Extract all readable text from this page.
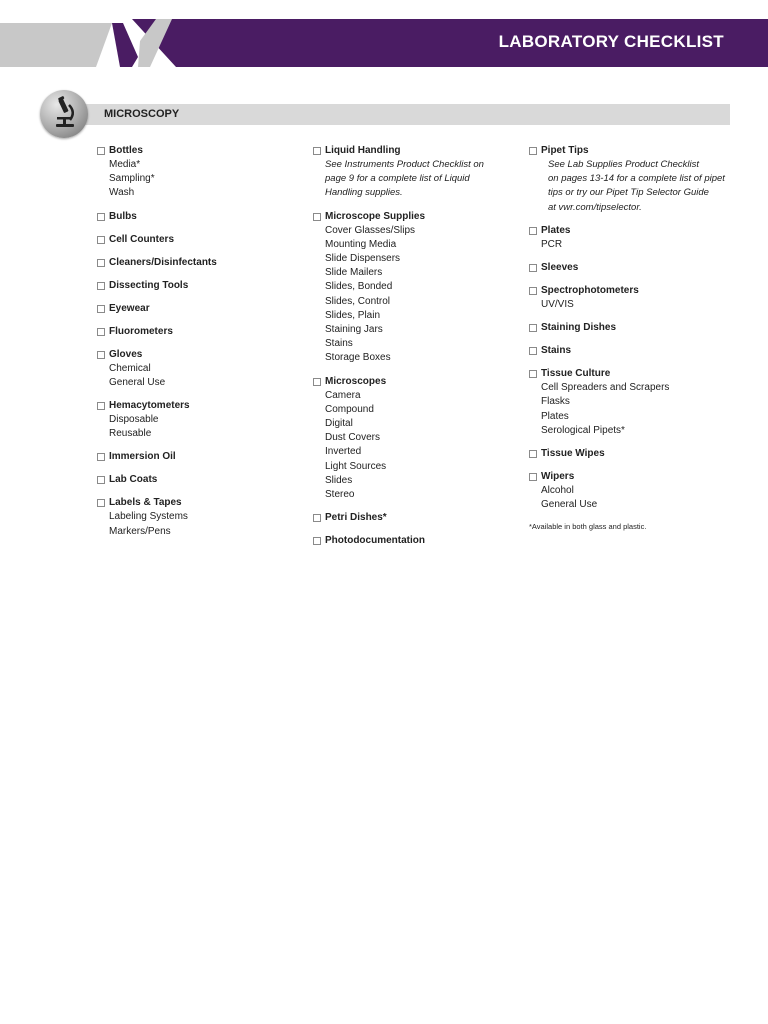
LABORATORY CHECKLIST
MICROSCOPY
Bottles
Media*
Sampling*
Wash
Bulbs
Cell Counters
Cleaners/Disinfectants
Dissecting Tools
Eyewear
Fluorometers
Gloves
Chemical
General Use
Hemacytometers
Disposable
Reusable
Immersion Oil
Lab Coats
Labels & Tapes
Labeling Systems
Markers/Pens
Liquid Handling
See Instruments Product Checklist on
page 9 for a complete list of Liquid
Handling supplies.
Microscope Supplies
Cover Glasses/Slips
Mounting Media
Slide Dispensers
Slide Mailers
Slides, Bonded
Slides, Control
Slides, Plain
Staining Jars
Stains
Storage Boxes
Microscopes
Camera
Compound
Digital
Dust Covers
Inverted
Light Sources
Slides
Stereo
Petri Dishes*
Photodocumentation
Pipet Tips
See Lab Supplies Product Checklist
on pages 13-14 for a complete list of pipet
tips or try our Pipet Tip Selector Guide
at vwr.com/tipselector.
Plates
PCR
Sleeves
Spectrophotometers
UV/VIS
Staining Dishes
Stains
Tissue Culture
Cell Spreaders and Scrapers
Flasks
Plates
Serological Pipets*
Tissue Wipes
Wipers
Alcohol
General Use
*Available in both glass and plastic.
